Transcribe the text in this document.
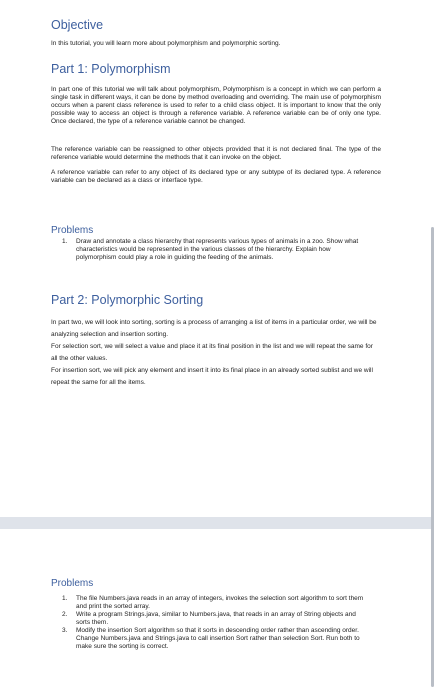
Objective

In this tutorial, you will learn more about polymorphism and polymorphic sorting.

Part 1: Polymorphism

In part one of this tutorial we will talk about polymorphism, Polymorphism is a concept in which we can perform a single task in different ways, it can be done by method overloading and overriding. The main use of polymorphism occurs when a parent class reference is used to refer to a child class object. It is important to know that the only possible way to access an object is through a reference variable. A reference variable can be of only one type. Once declared, the type of a reference variable cannot be changed.

The reference variable can be reassigned to other objects provided that it is not declared final. The type of the reference variable would determine the methods that it can invoke on the object.

A reference variable can refer to any object of its declared type or any subtype of its declared type. A reference variable can be declared as a class or interface type.

Problems
1. Draw and annotate a class hierarchy that represents various types of animals in a zoo. Show what characteristics would be represented in the various classes of the hierarchy. Explain how polymorphism could play a role in guiding the feeding of the animals.
Part 2: Polymorphic Sorting

In part two, we will look into sorting, sorting is a process of arranging a list of items in a particular order, we will be analyzing selection and insertion sorting.

For selection sort, we will select a value and place it at its final position in the list and we will repeat the same for all the other values.

For insertion sort, we will pick any element and insert it into its final place in an already sorted sublist and we will repeat the same for all the items.

Problems
1. The file Numbers.java reads in an array of integers, invokes the selection sort algorithm to sort them and print the sorted array.
2. Write a program Strings.java, similar to Numbers.java, that reads in an array of String objects and sorts them.
3. Modify the insertion Sort algorithm so that it sorts in descending order rather than ascending order. Change Numbers.java and Strings.java to call insertion Sort rather than selection Sort. Run both to make sure the sorting is correct.
